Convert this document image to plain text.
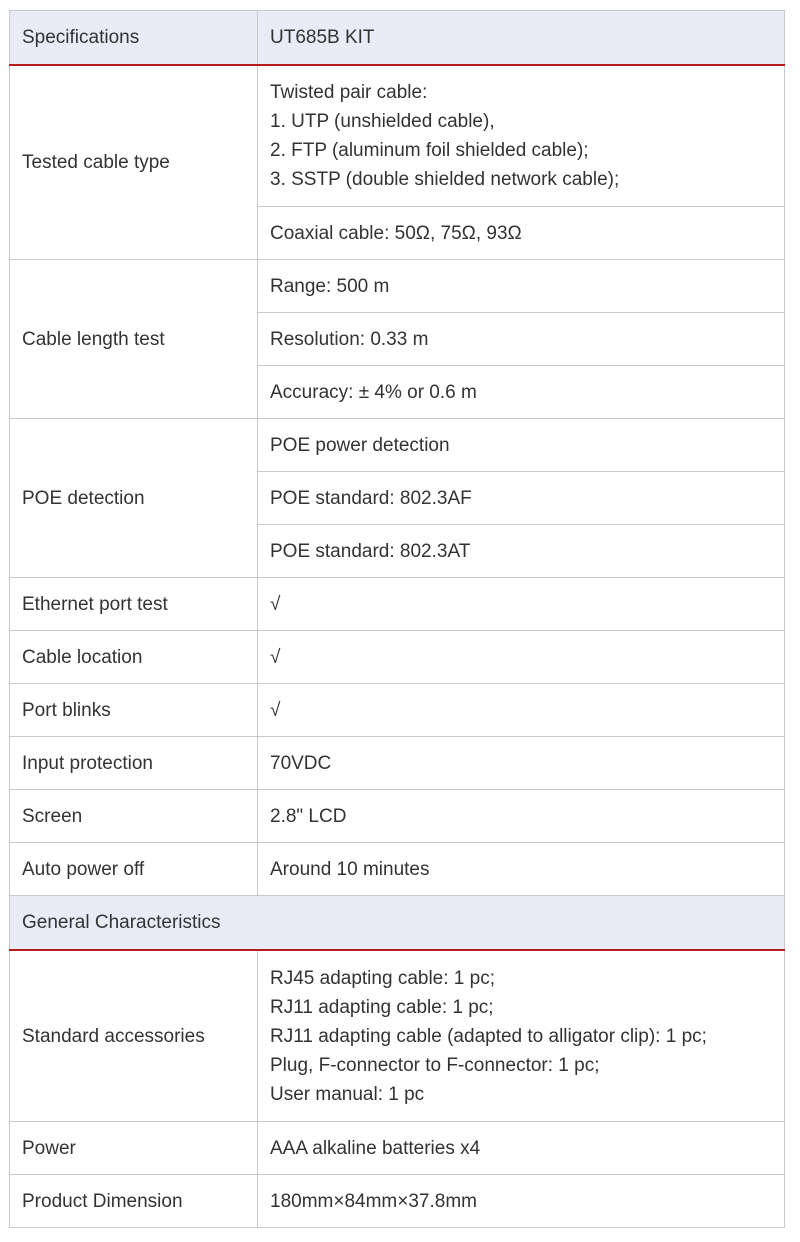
Specifications	UT685B KIT
Tested cable type	Twisted pair cable:
1. UTP (unshielded cable),
2. FTP (aluminum foil shielded cable);
3. SSTP (double shielded network cable);

	Coaxial cable: 50Ω, 75Ω, 93Ω
Cable length test	Range: 500 m
	Resolution: 0.33 m
	Accuracy: ± 4% or 0.6 m
POE detection	POE power detection
	POE standard: 802.3AF
	POE standard: 802.3AT
Ethernet port test	√
Cable location	√
Port blinks	√
Input protection	70VDC
Screen	2.8" LCD
Auto power off	Around 10 minutes
General Characteristics	
Standard accessories	RJ45 adapting cable: 1 pc;
RJ11 adapting cable: 1 pc;
RJ11 adapting cable (adapted to alligator clip): 1 pc;
Plug, F-connector to F-connector: 1 pc;
User manual: 1 pc

Power	AAA alkaline batteries x4
Product Dimension	180mm×84mm×37.8mm
